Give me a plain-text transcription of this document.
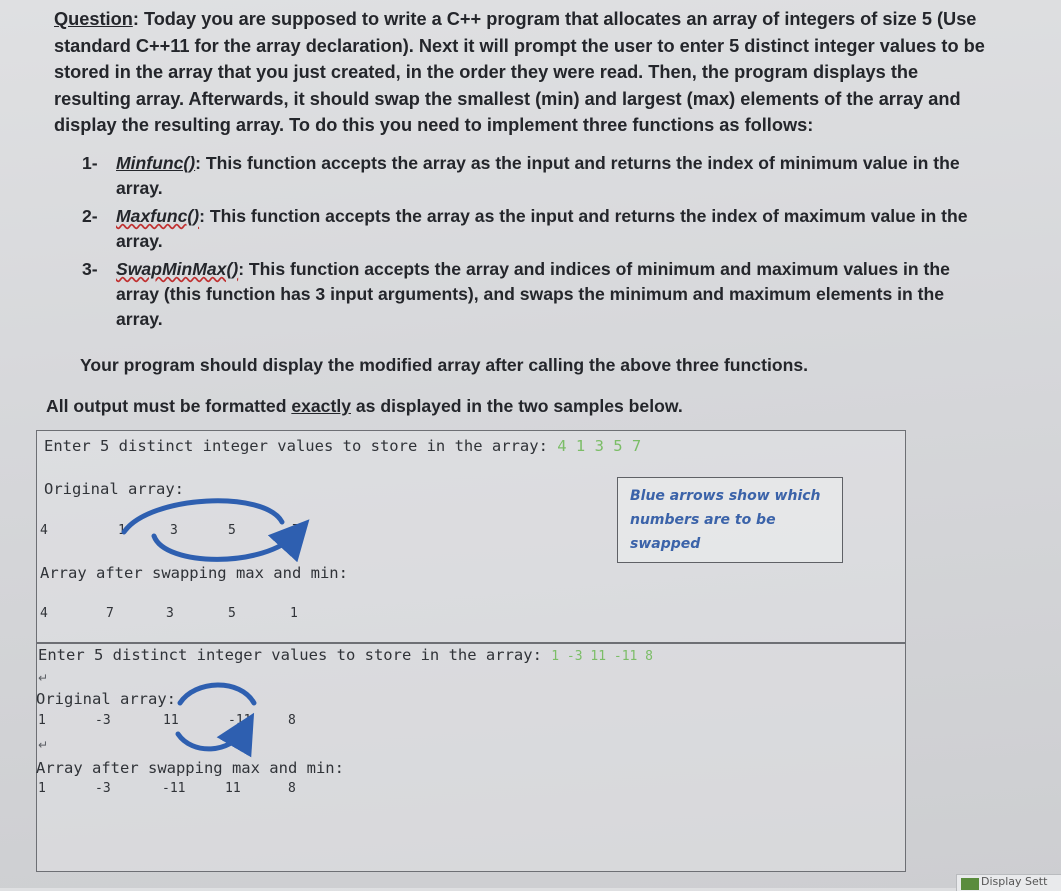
Question: Today you are supposed to write a C++ program that allocates an array of integers of size 5 (Use standard C++11 for the array declaration). Next it will prompt the user to enter 5 distinct integer values to be stored in the array that you just created, in the order they were read. Then, the program displays the resulting array. Afterwards, it should swap the smallest (min) and largest (max) elements of the array and display the resulting array. To do this you need to implement three functions as follows:
1- Minfunc(): This function accepts the array as the input and returns the index of minimum value in the array.
2- Maxfunc(): This function accepts the array as the input and returns the index of maximum value in the array.
3- SwapMinMax(): This function accepts the array and indices of minimum and maximum values in the array (this function has 3 input arguments), and swaps the minimum and maximum elements in the array.
Your program should display the modified array after calling the above three functions.
All output must be formatted exactly as displayed in the two samples below.
Enter 5 distinct integer values to store in the array: 4 1 3 5 7
Original array:
4	1	3	5	7
Array after swapping max and min:
4	7	3	5	1
Blue arrows show which numbers are to be swapped
Enter 5 distinct integer values to store in the array: 1 -3 11 -11 8
↵
Original array:
1	-3	11	-11	8
↵
Array after swapping max and min:
1	-3	-11	11	8
Display Sett
